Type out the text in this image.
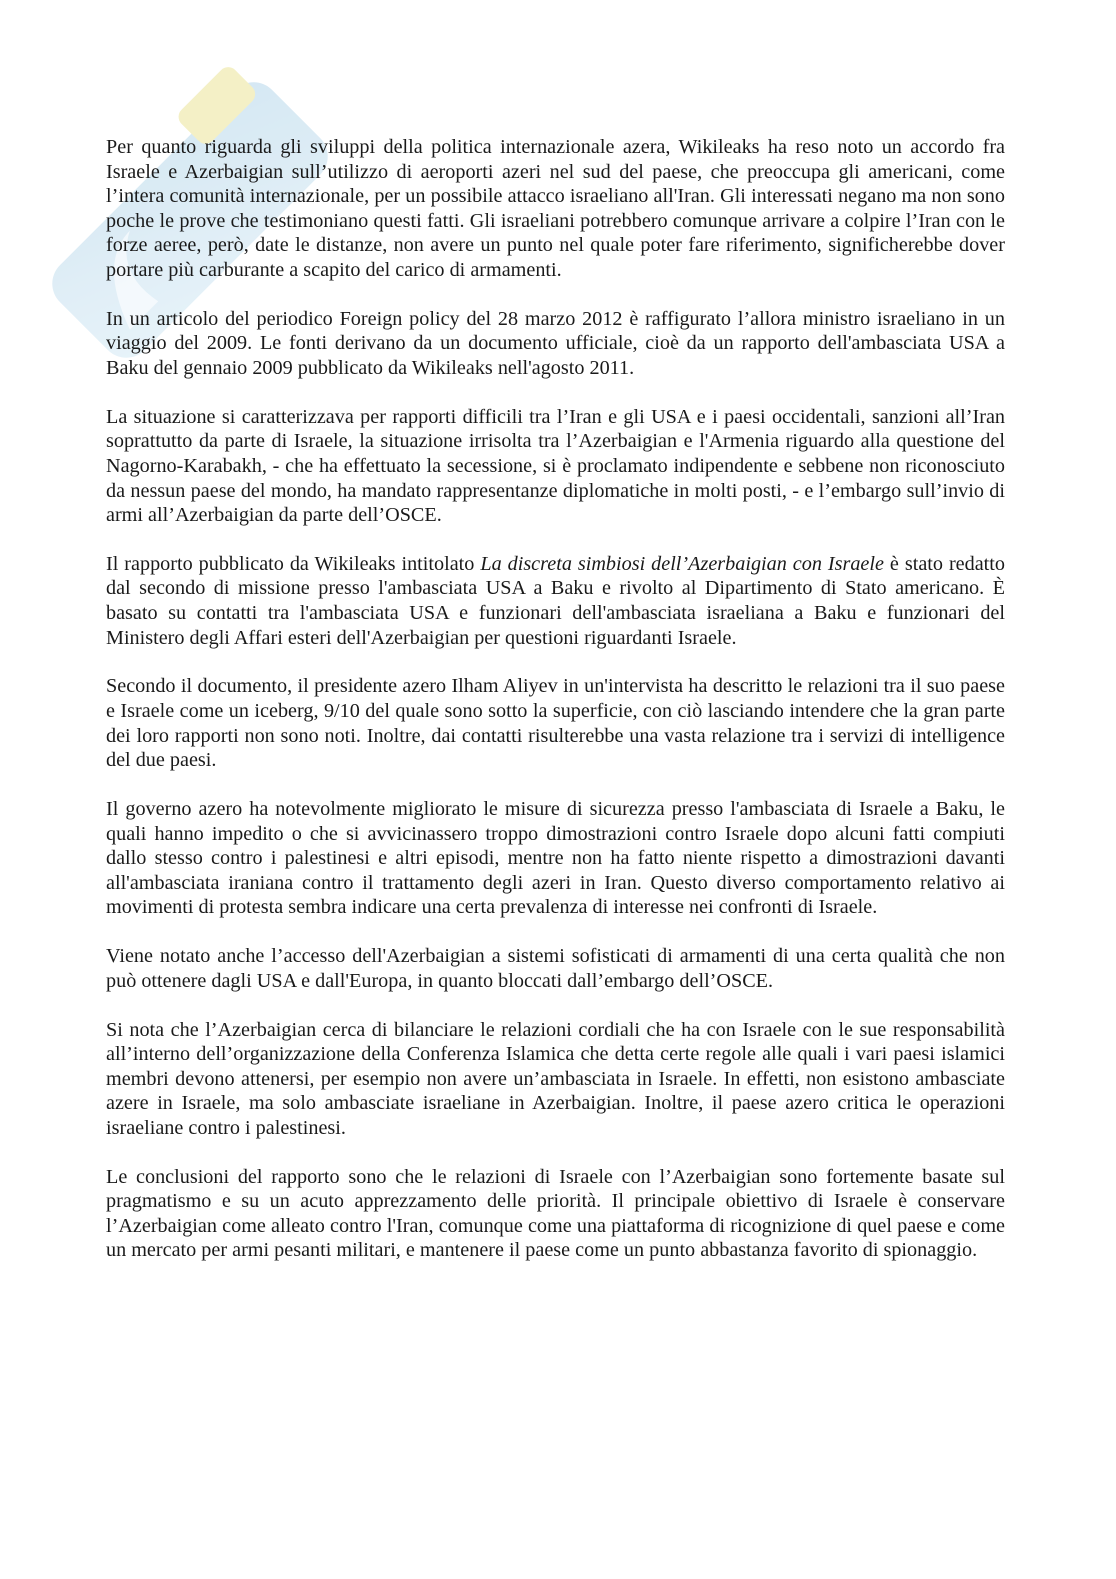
Per quanto riguarda gli sviluppi della politica internazionale azera, Wikileaks ha reso noto un accordo fra Israele e Azerbaigian sull’utilizzo di aeroporti azeri nel sud del paese, che preoccupa gli americani, come l’intera comunità internazionale, per un possibile attacco israeliano all'Iran. Gli interessati negano ma non sono poche le prove che testimoniano questi fatti. Gli israeliani potrebbero comunque arrivare a colpire l’Iran con le forze aeree, però, date le distanze, non avere un punto nel quale poter fare riferimento, significherebbe dover portare più carburante a scapito del carico di armamenti.

In un articolo del periodico Foreign policy del 28 marzo 2012 è raffigurato l’allora ministro israeliano in un viaggio del 2009. Le fonti derivano da un documento ufficiale, cioè da un rapporto dell'ambasciata USA a Baku del gennaio 2009 pubblicato da Wikileaks nell'agosto 2011.

La situazione si caratterizzava per rapporti difficili tra l’Iran e gli USA e i paesi occidentali, sanzioni all’Iran soprattutto da parte di Israele, la situazione irrisolta tra l’Azerbaigian e l'Armenia riguardo alla questione del Nagorno-Karabakh, - che ha effettuato la secessione, si è proclamato indipendente e sebbene non riconosciuto da nessun paese del mondo, ha mandato rappresentanze diplomatiche in molti posti, - e l’embargo sull’invio di armi all’Azerbaigian da parte dell’OSCE.

Il rapporto pubblicato da Wikileaks intitolato La discreta simbiosi dell’Azerbaigian con Israele è stato redatto dal secondo di missione presso l'ambasciata USA a Baku e rivolto al Dipartimento di Stato americano. È basato su contatti tra l'ambasciata USA e funzionari dell'ambasciata israeliana a Baku e funzionari del Ministero degli Affari esteri dell'Azerbaigian per questioni riguardanti Israele.

Secondo il documento, il presidente azero Ilham Aliyev in un'intervista ha descritto le relazioni tra il suo paese e Israele come un iceberg, 9/10 del quale sono sotto la superficie, con ciò lasciando intendere che la gran parte dei loro rapporti non sono noti. Inoltre, dai contatti risulterebbe una vasta relazione tra i servizi di intelligence del due paesi.

Il governo azero ha notevolmente migliorato le misure di sicurezza presso l'ambasciata di Israele a Baku, le quali hanno impedito o che si avvicinassero troppo dimostrazioni contro Israele dopo alcuni fatti compiuti dallo stesso contro i palestinesi e altri episodi, mentre non ha fatto niente rispetto a dimostrazioni davanti all'ambasciata iraniana contro il trattamento degli azeri in Iran. Questo diverso comportamento relativo ai movimenti di protesta sembra indicare una certa prevalenza di interesse nei confronti di Israele.

Viene notato anche l’accesso dell'Azerbaigian a sistemi sofisticati di armamenti di una certa qualità che non può ottenere dagli USA e dall'Europa, in quanto bloccati dall’embargo dell’OSCE.

Si nota che l’Azerbaigian cerca di bilanciare le relazioni cordiali che ha con Israele con le sue responsabilità all’interno dell’organizzazione della Conferenza Islamica che detta certe regole alle quali i vari paesi islamici membri devono attenersi, per esempio non avere un’ambasciata in Israele. In effetti, non esistono ambasciate azere in Israele, ma solo ambasciate israeliane in Azerbaigian. Inoltre, il paese azero critica le operazioni israeliane contro i palestinesi.

Le conclusioni del rapporto sono che le relazioni di Israele con l’Azerbaigian sono fortemente basate sul pragmatismo e su un acuto apprezzamento delle priorità. Il principale obiettivo di Israele è conservare l’Azerbaigian come alleato contro l'Iran, comunque come una piattaforma di ricognizione di quel paese e come un mercato per armi pesanti militari, e mantenere il paese come un punto abbastanza favorito di spionaggio.
